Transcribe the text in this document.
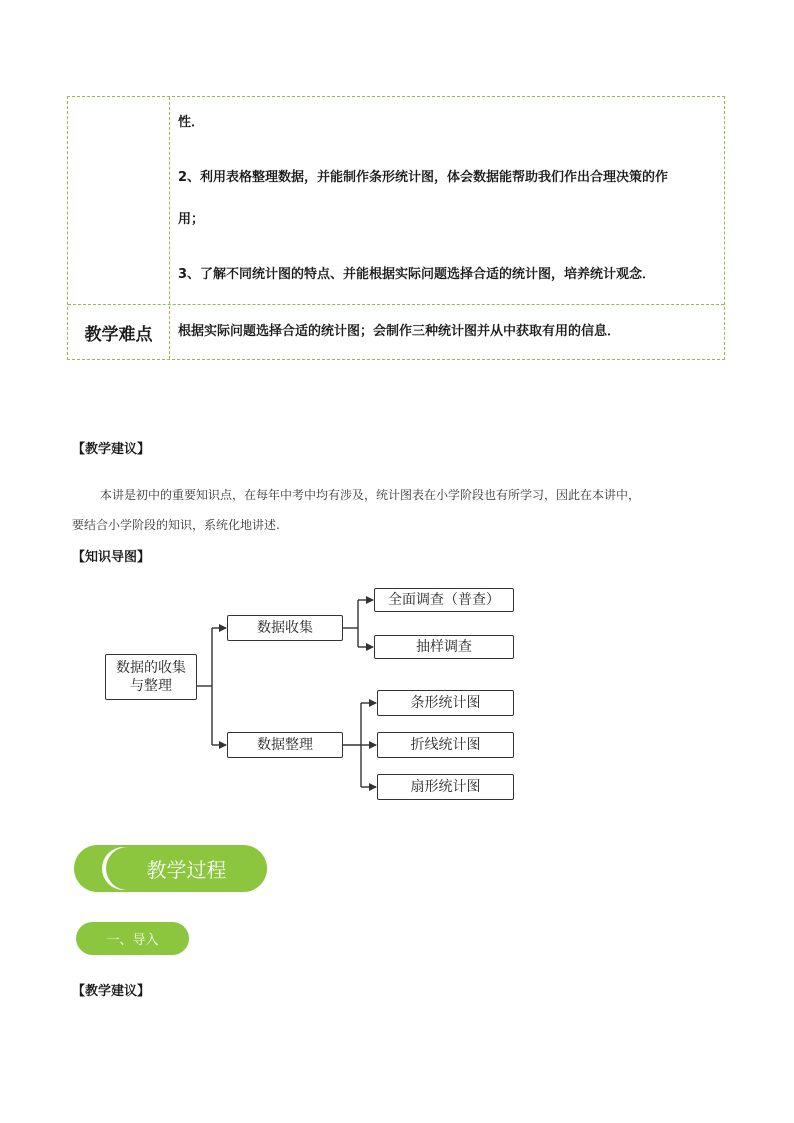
性．
2、利用表格整理数据，并能制作条形统计图，体会数据能帮助我们作出合理决策的作
用；
3、了解不同统计图的特点、并能根据实际问题选择合适的统计图，培养统计观念．
教学难点	根据实际问题选择合适的统计图；会制作三种统计图并从中获取有用的信息．
【教学建议】
本讲是初中的重要知识点，在每年中考中均有涉及，统计图表在小学阶段也有所学习，因此在本讲中，
要结合小学阶段的知识，系统化地讲述.
【知识导图】
数据的收集
与整理
数据收集
数据整理
全面调查（普查）
抽样调查
条形统计图
折线统计图
扇形统计图
教学过程
一、导入
【教学建议】
